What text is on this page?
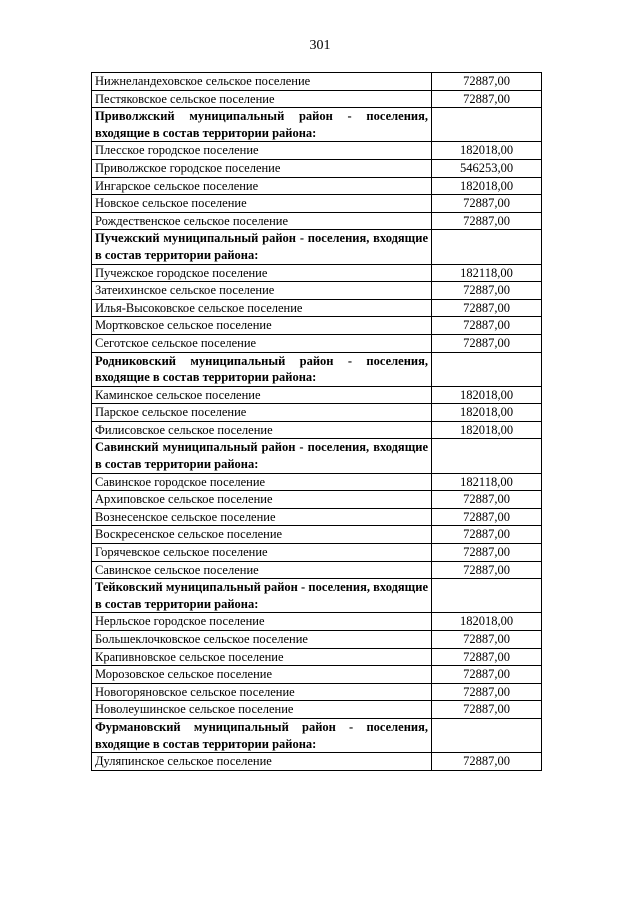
301
Нижнеландеховское сельское поселение	72887,00
Пестяковское сельское поселение	72887,00
Приволжский муниципальный район - поселения, входящие в состав территории района:	
Плесское городское поселение	182018,00
Приволжское городское поселение	546253,00
Ингарское сельское поселение	182018,00
Новское сельское поселение	72887,00
Рождественское сельское поселение	72887,00
Пучежский муниципальный район - поселения, входящие в состав территории района:	
Пучежское городское поселение	182118,00
Затеихинское сельское поселение	72887,00
Илья-Высоковское сельское поселение	72887,00
Мортковское сельское поселение	72887,00
Сеготское сельское поселение	72887,00
Родниковский муниципальный район - поселения, входящие в состав территории района:	
Каминское сельское поселение	182018,00
Парское сельское поселение	182018,00
Филисовское сельское поселение	182018,00
Савинский муниципальный район - поселения, входящие в состав территории района:	
Савинское городское поселение	182118,00
Архиповское сельское поселение	72887,00
Вознесенское сельское поселение	72887,00
Воскресенское сельское поселение	72887,00
Горячевское сельское поселение	72887,00
Савинское сельское поселение	72887,00
Тейковский муниципальный район - поселения, входящие в состав территории района:	
Нерльское городское поселение	182018,00
Большеклочковское сельское поселение	72887,00
Крапивновское сельское поселение	72887,00
Морозовское сельское поселение	72887,00
Новогоряновское сельское поселение	72887,00
Новолеушинское сельское поселение	72887,00
Фурмановский муниципальный район - поселения, входящие в состав территории района:	
Дуляпинское сельское поселение	72887,00
